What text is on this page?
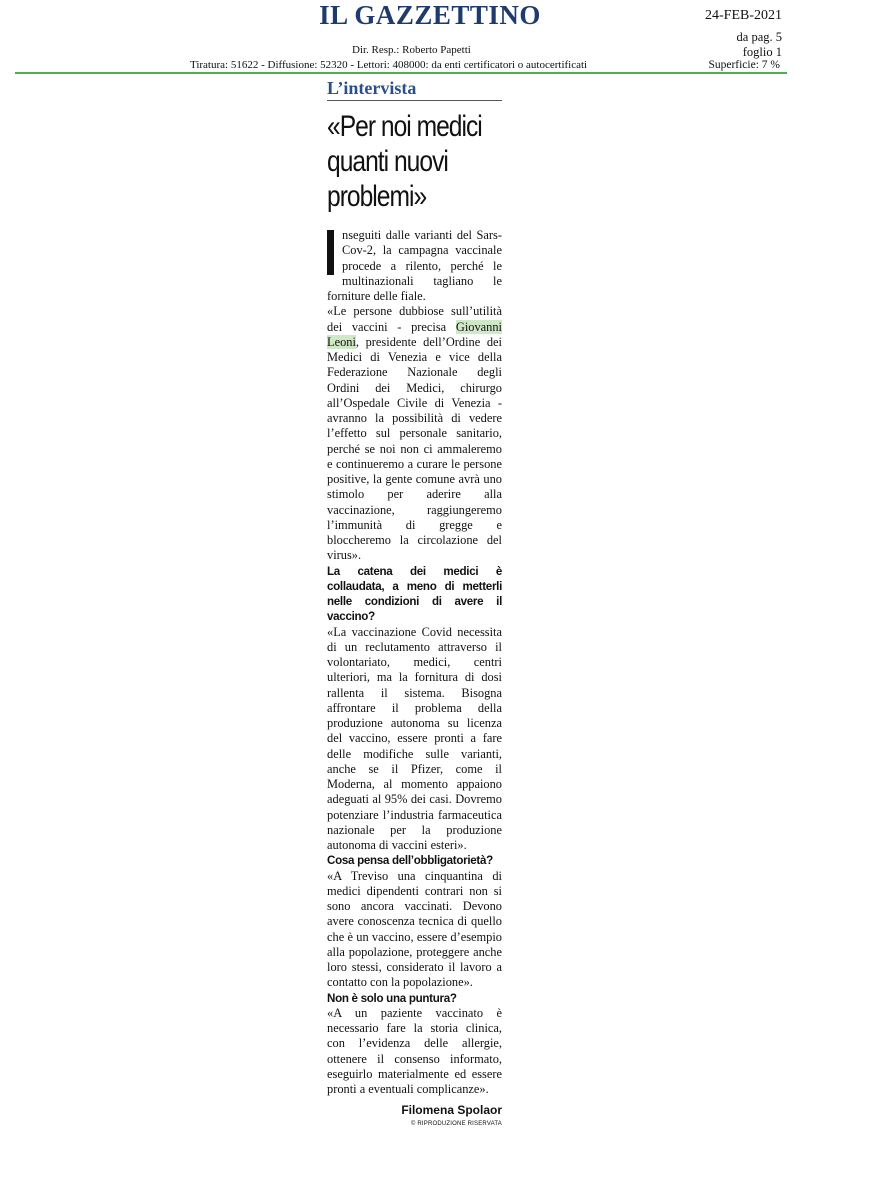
IL GAZZETTINO	24-FEB-2021
da pag. 5
foglio 1
Dir. Resp.: Roberto Papetti
Tiratura: 51622 - Diffusione: 52320 - Lettori: 408000: da enti certificatori o autocertificati	Superficie: 7 %
L’intervista
«Per noi medici quanti nuovi problemi»

nseguiti dalle varianti del Sars-Cov-2, la campagna vaccinale procede a rilento, perché le multinazionali tagliano le forniture delle fiale.

«Le persone dubbiose sull’utilità dei vaccini - precisa Giovanni Leoni, presidente dell’Ordine dei Medici di Venezia e vice della Federazione Nazionale degli Ordini dei Medici, chirurgo all’Ospedale Civile di Venezia - avranno la possibilità di vedere l’effetto sul personale sanitario, perché se noi non ci ammaleremo e continueremo a curare le persone positive, la gente comune avrà uno stimolo per aderire alla vaccinazione, raggiungeremo l’immunità di gregge e bloccheremo la circolazione del virus».

La catena dei medici è collaudata, a meno di metterli nelle condizioni di avere il vaccino?

«La vaccinazione Covid necessita di un reclutamento attraverso il volontariato, medici, centri ulteriori, ma la fornitura di dosi rallenta il sistema. Bisogna affrontare il problema della produzione autonoma su licenza del vaccino, essere pronti a fare delle modifiche sulle varianti, anche se il Pfizer, come il Moderna, al momento appaiono adeguati al 95% dei casi. Dovremo potenziare l’industria farmaceutica nazionale per la produzione autonoma di vaccini esteri».

Cosa pensa dell’obbligatorietà?

«A Treviso una cinquantina di medici dipendenti contrari non si sono ancora vaccinati. Devono avere conoscenza tecnica di quello che è un vaccino, essere d’esempio alla popolazione, proteggere anche loro stessi, considerato il lavoro a contatto con la popolazione».

Non è solo una puntura?

«A un paziente vaccinato è necessario fare la storia clinica, con l’evidenza delle allergie, ottenere il consenso informato, eseguirlo materialmente ed essere pronti a eventuali complicanze».

Filomena Spolaor
© RIPRODUZIONE RISERVATA
